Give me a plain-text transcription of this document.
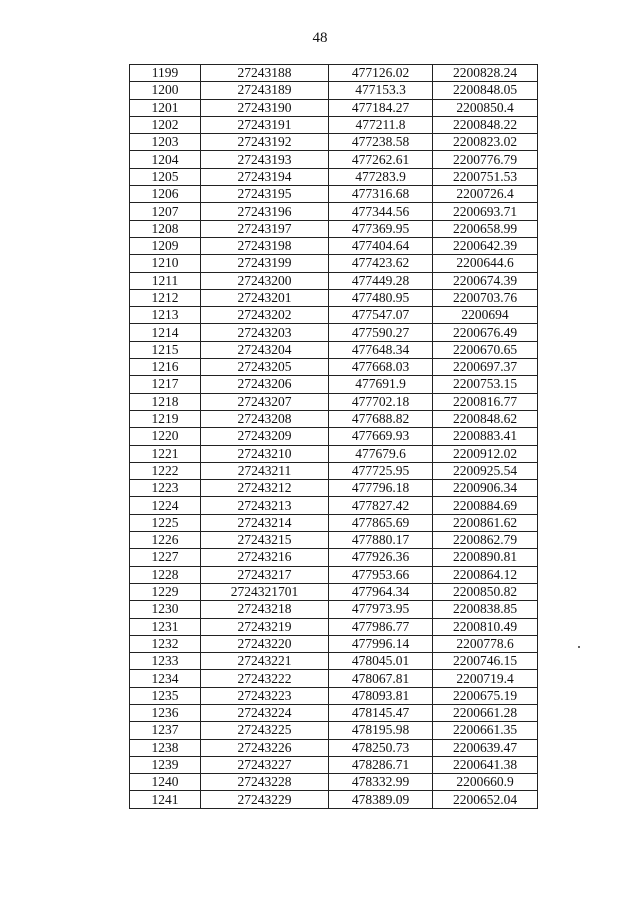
48
1199	27243188	477126.02	2200828.24
1200	27243189	477153.3	2200848.05
1201	27243190	477184.27	2200850.4
1202	27243191	477211.8	2200848.22
1203	27243192	477238.58	2200823.02
1204	27243193	477262.61	2200776.79
1205	27243194	477283.9	2200751.53
1206	27243195	477316.68	2200726.4
1207	27243196	477344.56	2200693.71
1208	27243197	477369.95	2200658.99
1209	27243198	477404.64	2200642.39
1210	27243199	477423.62	2200644.6
1211	27243200	477449.28	2200674.39
1212	27243201	477480.95	2200703.76
1213	27243202	477547.07	2200694
1214	27243203	477590.27	2200676.49
1215	27243204	477648.34	2200670.65
1216	27243205	477668.03	2200697.37
1217	27243206	477691.9	2200753.15
1218	27243207	477702.18	2200816.77
1219	27243208	477688.82	2200848.62
1220	27243209	477669.93	2200883.41
1221	27243210	477679.6	2200912.02
1222	27243211	477725.95	2200925.54
1223	27243212	477796.18	2200906.34
1224	27243213	477827.42	2200884.69
1225	27243214	477865.69	2200861.62
1226	27243215	477880.17	2200862.79
1227	27243216	477926.36	2200890.81
1228	27243217	477953.66	2200864.12
1229	2724321701	477964.34	2200850.82
1230	27243218	477973.95	2200838.85
1231	27243219	477986.77	2200810.49
1232	27243220	477996.14	2200778.6
1233	27243221	478045.01	2200746.15
1234	27243222	478067.81	2200719.4
1235	27243223	478093.81	2200675.19
1236	27243224	478145.47	2200661.28
1237	27243225	478195.98	2200661.35
1238	27243226	478250.73	2200639.47
1239	27243227	478286.71	2200641.38
1240	27243228	478332.99	2200660.9
1241	27243229	478389.09	2200652.04
